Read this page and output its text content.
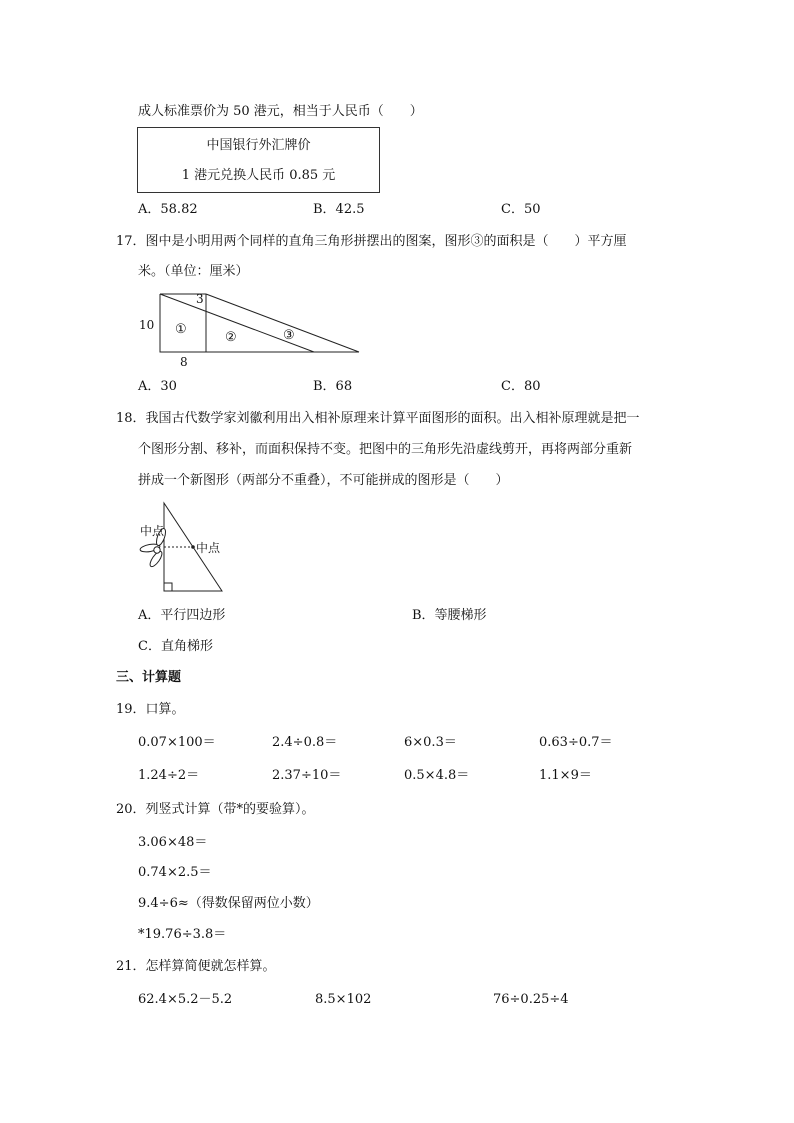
成人标准票价为 50 港元，相当于人民币（　　）
中国银行外汇牌价
1 港元兑换人民币 0.85 元
A．58.82	B．42.5	C．50
17．图中是小明用两个同样的直角三角形拼摆出的图案，图形③的面积是（　　）平方厘
米。（单位：厘米）
3
10
8
①
②	③
A．30	B．68	C．80
18．我国古代数学家刘徽利用出入相补原理来计算平面图形的面积。出入相补原理就是把一
个图形分割、移补，而面积保持不变。把图中的三角形先沿虚线剪开，再将两部分重新
拼成一个新图形（两部分不重叠），不可能拼成的图形是（　　）
中点
中点
A．平行四边形	B．等腰梯形
C．直角梯形
三、计算题
19．口算。
0.07×100＝	2.4÷0.8＝	6×0.3＝	0.63÷0.7＝
1.24÷2＝	2.37÷10＝	0.5×4.8＝	1.1×9＝
20．列竖式计算（带*的要验算）。
3.06×48＝
0.74×2.5＝
9.4÷6≈（得数保留两位小数）
*19.76÷3.8＝
21．怎样算简便就怎样算。
62.4×5.2－5.2	8.5×102	76÷0.25÷4
